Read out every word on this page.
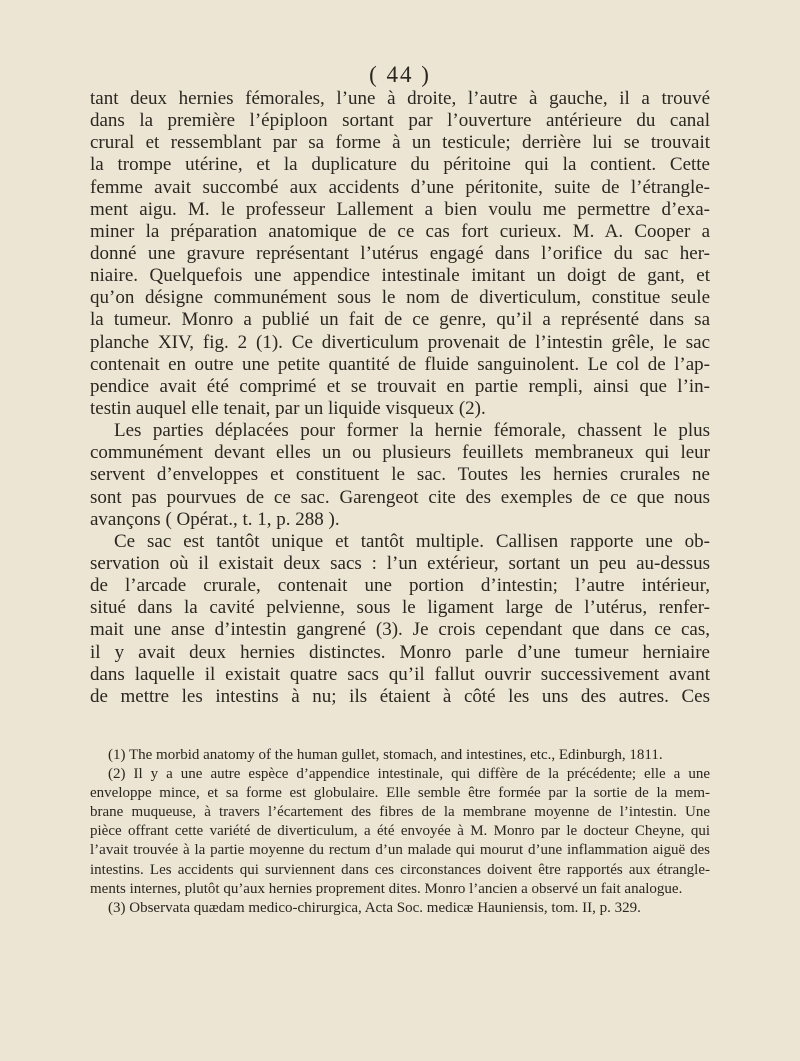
( 44 )
tant deux hernies fémorales, l’une à droite, l’autre à gauche, il a trouvé
dans la première l’épiploon sortant par l’ouverture antérieure du canal
crural et ressemblant par sa forme à un testicule; derrière lui se trouvait
la trompe utérine, et la duplicature du péritoine qui la contient. Cette
femme avait succombé aux accidents d’une péritonite, suite de l’étrangle-
ment aigu. M. le professeur Lallement a bien voulu me permettre d’exa-
miner la préparation anatomique de ce cas fort curieux. M. A. Cooper a
donné une gravure représentant l’utérus engagé dans l’orifice du sac her-
niaire. Quelquefois une appendice intestinale imitant un doigt de gant, et
qu’on désigne communément sous le nom de diverticulum, constitue seule
la tumeur. Monro a publié un fait de ce genre, qu’il a représenté dans sa
planche XIV, fig. 2 (1). Ce diverticulum provenait de l’intestin grêle, le sac
contenait en outre une petite quantité de fluide sanguinolent. Le col de l’ap-
pendice avait été comprimé et se trouvait en partie rempli, ainsi que l’in-
testin auquel elle tenait, par un liquide visqueux (2).
Les parties déplacées pour former la hernie fémorale, chassent le plus
communément devant elles un ou plusieurs feuillets membraneux qui leur
servent d’enveloppes et constituent le sac. Toutes les hernies crurales ne
sont pas pourvues de ce sac. Garengeot cite des exemples de ce que nous
avançons ( Opérat., t. 1, p. 288 ).
Ce sac est tantôt unique et tantôt multiple. Callisen rapporte une ob-
servation où il existait deux sacs : l’un extérieur, sortant un peu au-dessus
de l’arcade crurale, contenait une portion d’intestin; l’autre intérieur,
situé dans la cavité pelvienne, sous le ligament large de l’utérus, renfer-
mait une anse d’intestin gangrené (3). Je crois cependant que dans ce cas,
il y avait deux hernies distinctes. Monro parle d’une tumeur herniaire
dans laquelle il existait quatre sacs qu’il fallut ouvrir successivement avant
de mettre les intestins à nu; ils étaient à côté les uns des autres. Ces
(1) The morbid anatomy of the human gullet, stomach, and intestines, etc., Edinburgh, 1811.
(2) Il y a une autre espèce d’appendice intestinale, qui diffère de la précédente; elle a une
enveloppe mince, et sa forme est globulaire. Elle semble être formée par la sortie de la mem-
brane muqueuse, à travers l’écartement des fibres de la membrane moyenne de l’intestin. Une
pièce offrant cette variété de diverticulum, a été envoyée à M. Monro par le docteur Cheyne, qui
l’avait trouvée à la partie moyenne du rectum d’un malade qui mourut d’une inflammation aiguë des
intestins. Les accidents qui surviennent dans ces circonstances doivent être rapportés aux étrangle-
ments internes, plutôt qu’aux hernies proprement dites. Monro l’ancien a observé un fait analogue.
(3) Observata quædam medico-chirurgica, Acta Soc. medicæ Hauniensis, tom. II, p. 329.
